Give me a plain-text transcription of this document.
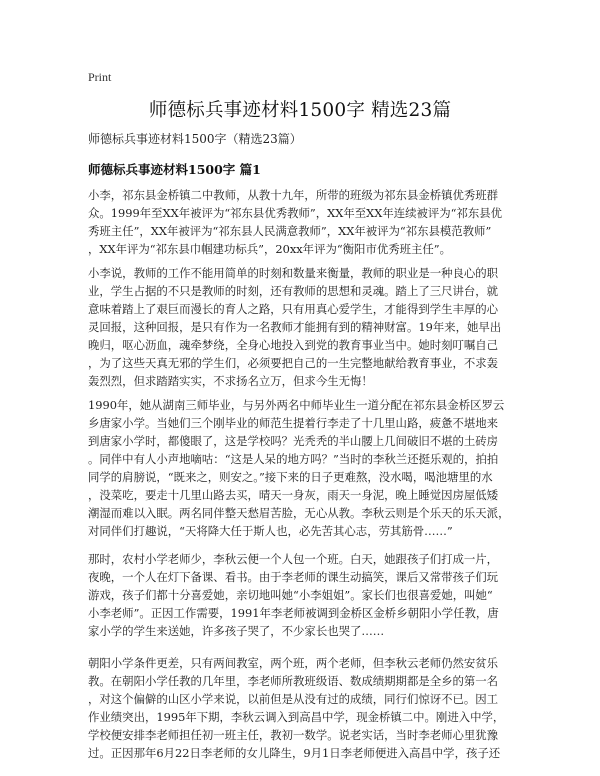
Print
师德标兵事迹材料1500字 精选23篇
师德标兵事迹材料1500字（精选23篇）
师德标兵事迹材料1500字 篇1
小李，祁东县金桥镇二中教师，从教十九年，所带的班级为祁东县金桥镇优秀班群
众。1999年至XX年被评为“祁东县优秀教师”，XX年至XX年连续被评为“祁东县优
秀班主任”，XX年被评为“祁东县人民满意教师”，XX年被评为“祁东县模范教师”
，XX年评为“祁东县巾帼建功标兵”，20xx年评为“衡阳市优秀班主任”。
小李说，教师的工作不能用简单的时刻和数量来衡量，教师的职业是一种良心的职
业，学生占据的不只是教师的时刻，还有教师的思想和灵魂。踏上了三尺讲台，就
意味着踏上了艰巨而漫长的育人之路，只有用真心爱学生，才能得到学生丰厚的心
灵回报，这种回报，是只有作为一名教师才能拥有到的精神财富。19年来，她早出
晚归，呕心沥血，魂牵梦绕，全身心地投入到党的教育事业当中。她时刻叮嘱自己
，为了这些天真无邪的学生们，必须要把自己的一生完整地献给教育事业，不求轰
轰烈烈，但求踏踏实实，不求扬名立万，但求今生无悔！
1990年，她从湖南三师毕业，与另外两名中师毕业生一道分配在祁东县金桥区罗云
乡唐家小学。当她们三个刚毕业的师范生提着行李走了十几里山路，疲惫不堪地来
到唐家小学时，都傻眼了，这是学校吗？光秃秃的半山腰上几间破旧不堪的土砖房
。同伴中有人小声地嘀咕：“这是人呆的地方吗？”当时的李秋兰还挺乐观的，拍拍
同学的肩膀说，“既来之，则安之。”接下来的日子更难熬，没水喝，喝池塘里的水
，没菜吃，要走十几里山路去买，晴天一身灰，雨天一身泥，晚上睡觉因房屋低矮
潮湿而难以入眠。两名同伴整天愁眉苦脸，无心从教。李秋云则是个乐天的乐天派，
对同伴们打趣说，“天将降大任于斯人也，必先苦其心志，劳其筋骨……”
那时，农村小学老师少，李秋云便一个人包一个班。白天，她跟孩子们打成一片，
夜晚，一个人在灯下备课、看书。由于李老师的课生动搞笑，课后又常带孩子们玩
游戏，孩子们都十分喜爱她，亲切地叫她“小李姐姐”。家长们也很喜爱她，叫她“
小李老师”。正因工作需要，1991年李老师被调到金桥区金桥乡朝阳小学任教，唐
家小学的学生来送她，许多孩子哭了，不少家长也哭了……
朝阳小学条件更差，只有两间教室，两个班，两个老师，但李秋云老师仍然安贫乐
教。在朝阳小学任教的几年里，李老师所教班级语、数成绩期期都是全乡的第一名
，对这个偏僻的山区小学来说，以前但是从没有过的成绩，同行们惊讶不已。因工
作业绩突出，1995年下期，李秋云调入到高昌中学，现金桥镇二中。刚进入中学，
学校便安排李老师担任初一班主任，教初一数学。说老实话，当时李老师心里犹豫
过。正因那年6月22日李老师的女儿降生，9月1日李老师便进入高昌中学，孩子还
